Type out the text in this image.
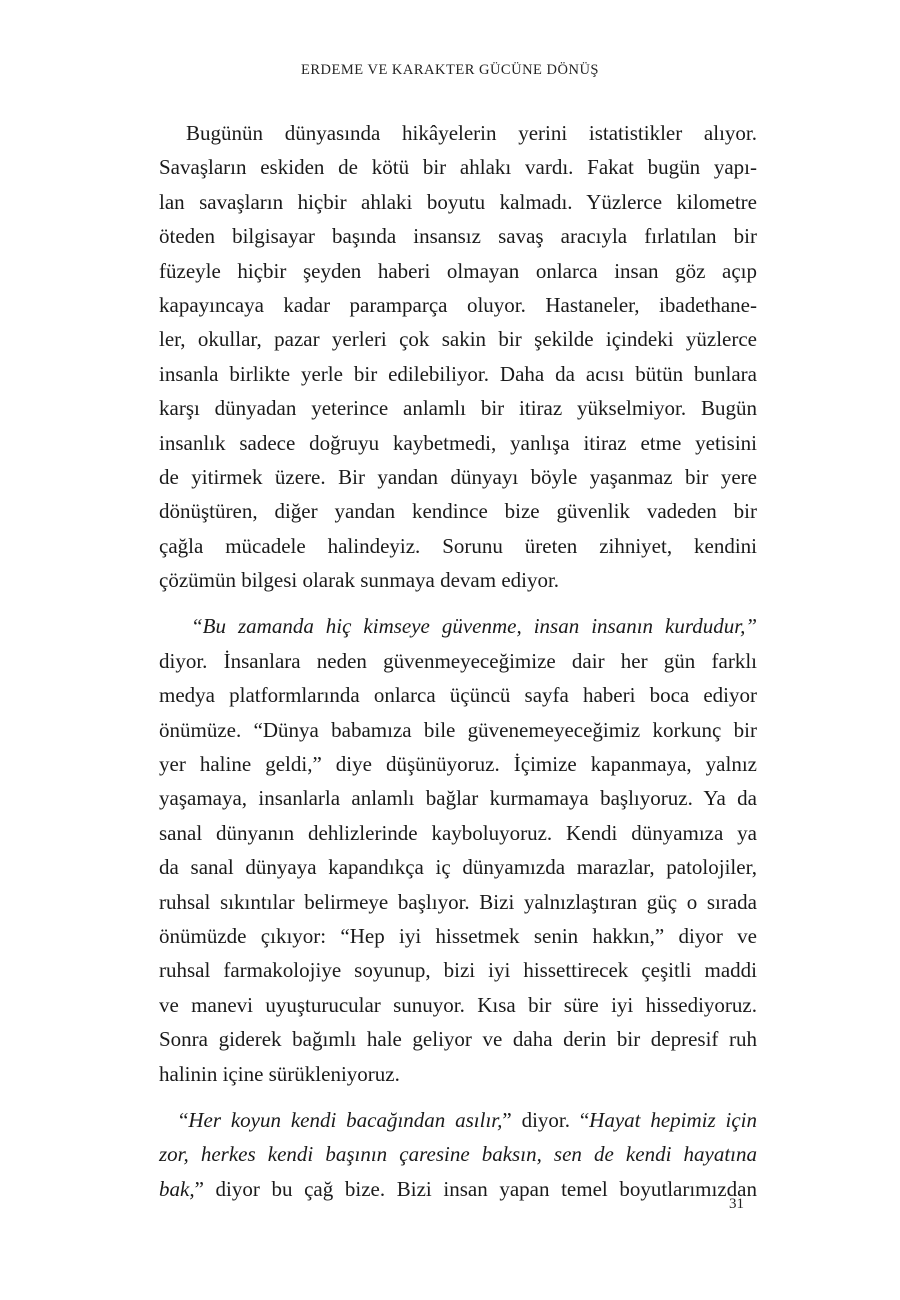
ERDEME VE KARAKTER GÜCÜNE DÖNÜŞ
Bugünün dünyasında hikâyelerin yerini istatistikler alıyor.
Savaşların eskiden de kötü bir ahlakı vardı. Fakat bugün yapı-
lan savaşların hiçbir ahlaki boyutu kalmadı. Yüzlerce kilometre
öteden bilgisayar başında insansız savaş aracıyla fırlatılan bir
füzeyle hiçbir şeyden haberi olmayan onlarca insan göz açıp
kapayıncaya kadar paramparça oluyor. Hastaneler, ibadethane-
ler, okullar, pazar yerleri çok sakin bir şekilde içindeki yüzlerce
insanla birlikte yerle bir edilebiliyor. Daha da acısı bütün bunlara
karşı dünyadan yeterince anlamlı bir itiraz yükselmiyor. Bugün
insanlık sadece doğruyu kaybetmedi, yanlışa itiraz etme yetisini
de yitirmek üzere. Bir yandan dünyayı böyle yaşanmaz bir yere
dönüştüren, diğer yandan kendince bize güvenlik vadeden bir
çağla mücadele halindeyiz. Sorunu üreten zihniyet, kendini
çözümün bilgesi olarak sunmaya devam ediyor.
“Bu zamanda hiç kimseye güvenme, insan insanın kurdudur,”
diyor. İnsanlara neden güvenmeyeceğimize dair her gün farklı
medya platformlarında onlarca üçüncü sayfa haberi boca ediyor
önümüze. “Dünya babamıza bile güvenemeyeceğimiz korkunç bir
yer haline geldi,” diye düşünüyoruz. İçimize kapanmaya, yalnız
yaşamaya, insanlarla anlamlı bağlar kurmamaya başlıyoruz. Ya da
sanal dünyanın dehlizlerinde kayboluyoruz. Kendi dünyamıza ya
da sanal dünyaya kapandıkça iç dünyamızda marazlar, patolojiler,
ruhsal sıkıntılar belirmeye başlıyor. Bizi yalnızlaştıran güç o sırada
önümüzde çıkıyor: “Hep iyi hissetmek senin hakkın,” diyor ve
ruhsal farmakolojiye soyunup, bizi iyi hissettirecek çeşitli maddi
ve manevi uyuşturucular sunuyor. Kısa bir süre iyi hissediyoruz.
Sonra giderek bağımlı hale geliyor ve daha derin bir depresif ruh
halinin içine sürükleniyoruz.
“Her koyun kendi bacağından asılır,” diyor. “Hayat hepimiz için
zor, herkes kendi başının çaresine baksın, sen de kendi hayatına
bak,” diyor bu çağ bize. Bizi insan yapan temel boyutlarımızdan
31
